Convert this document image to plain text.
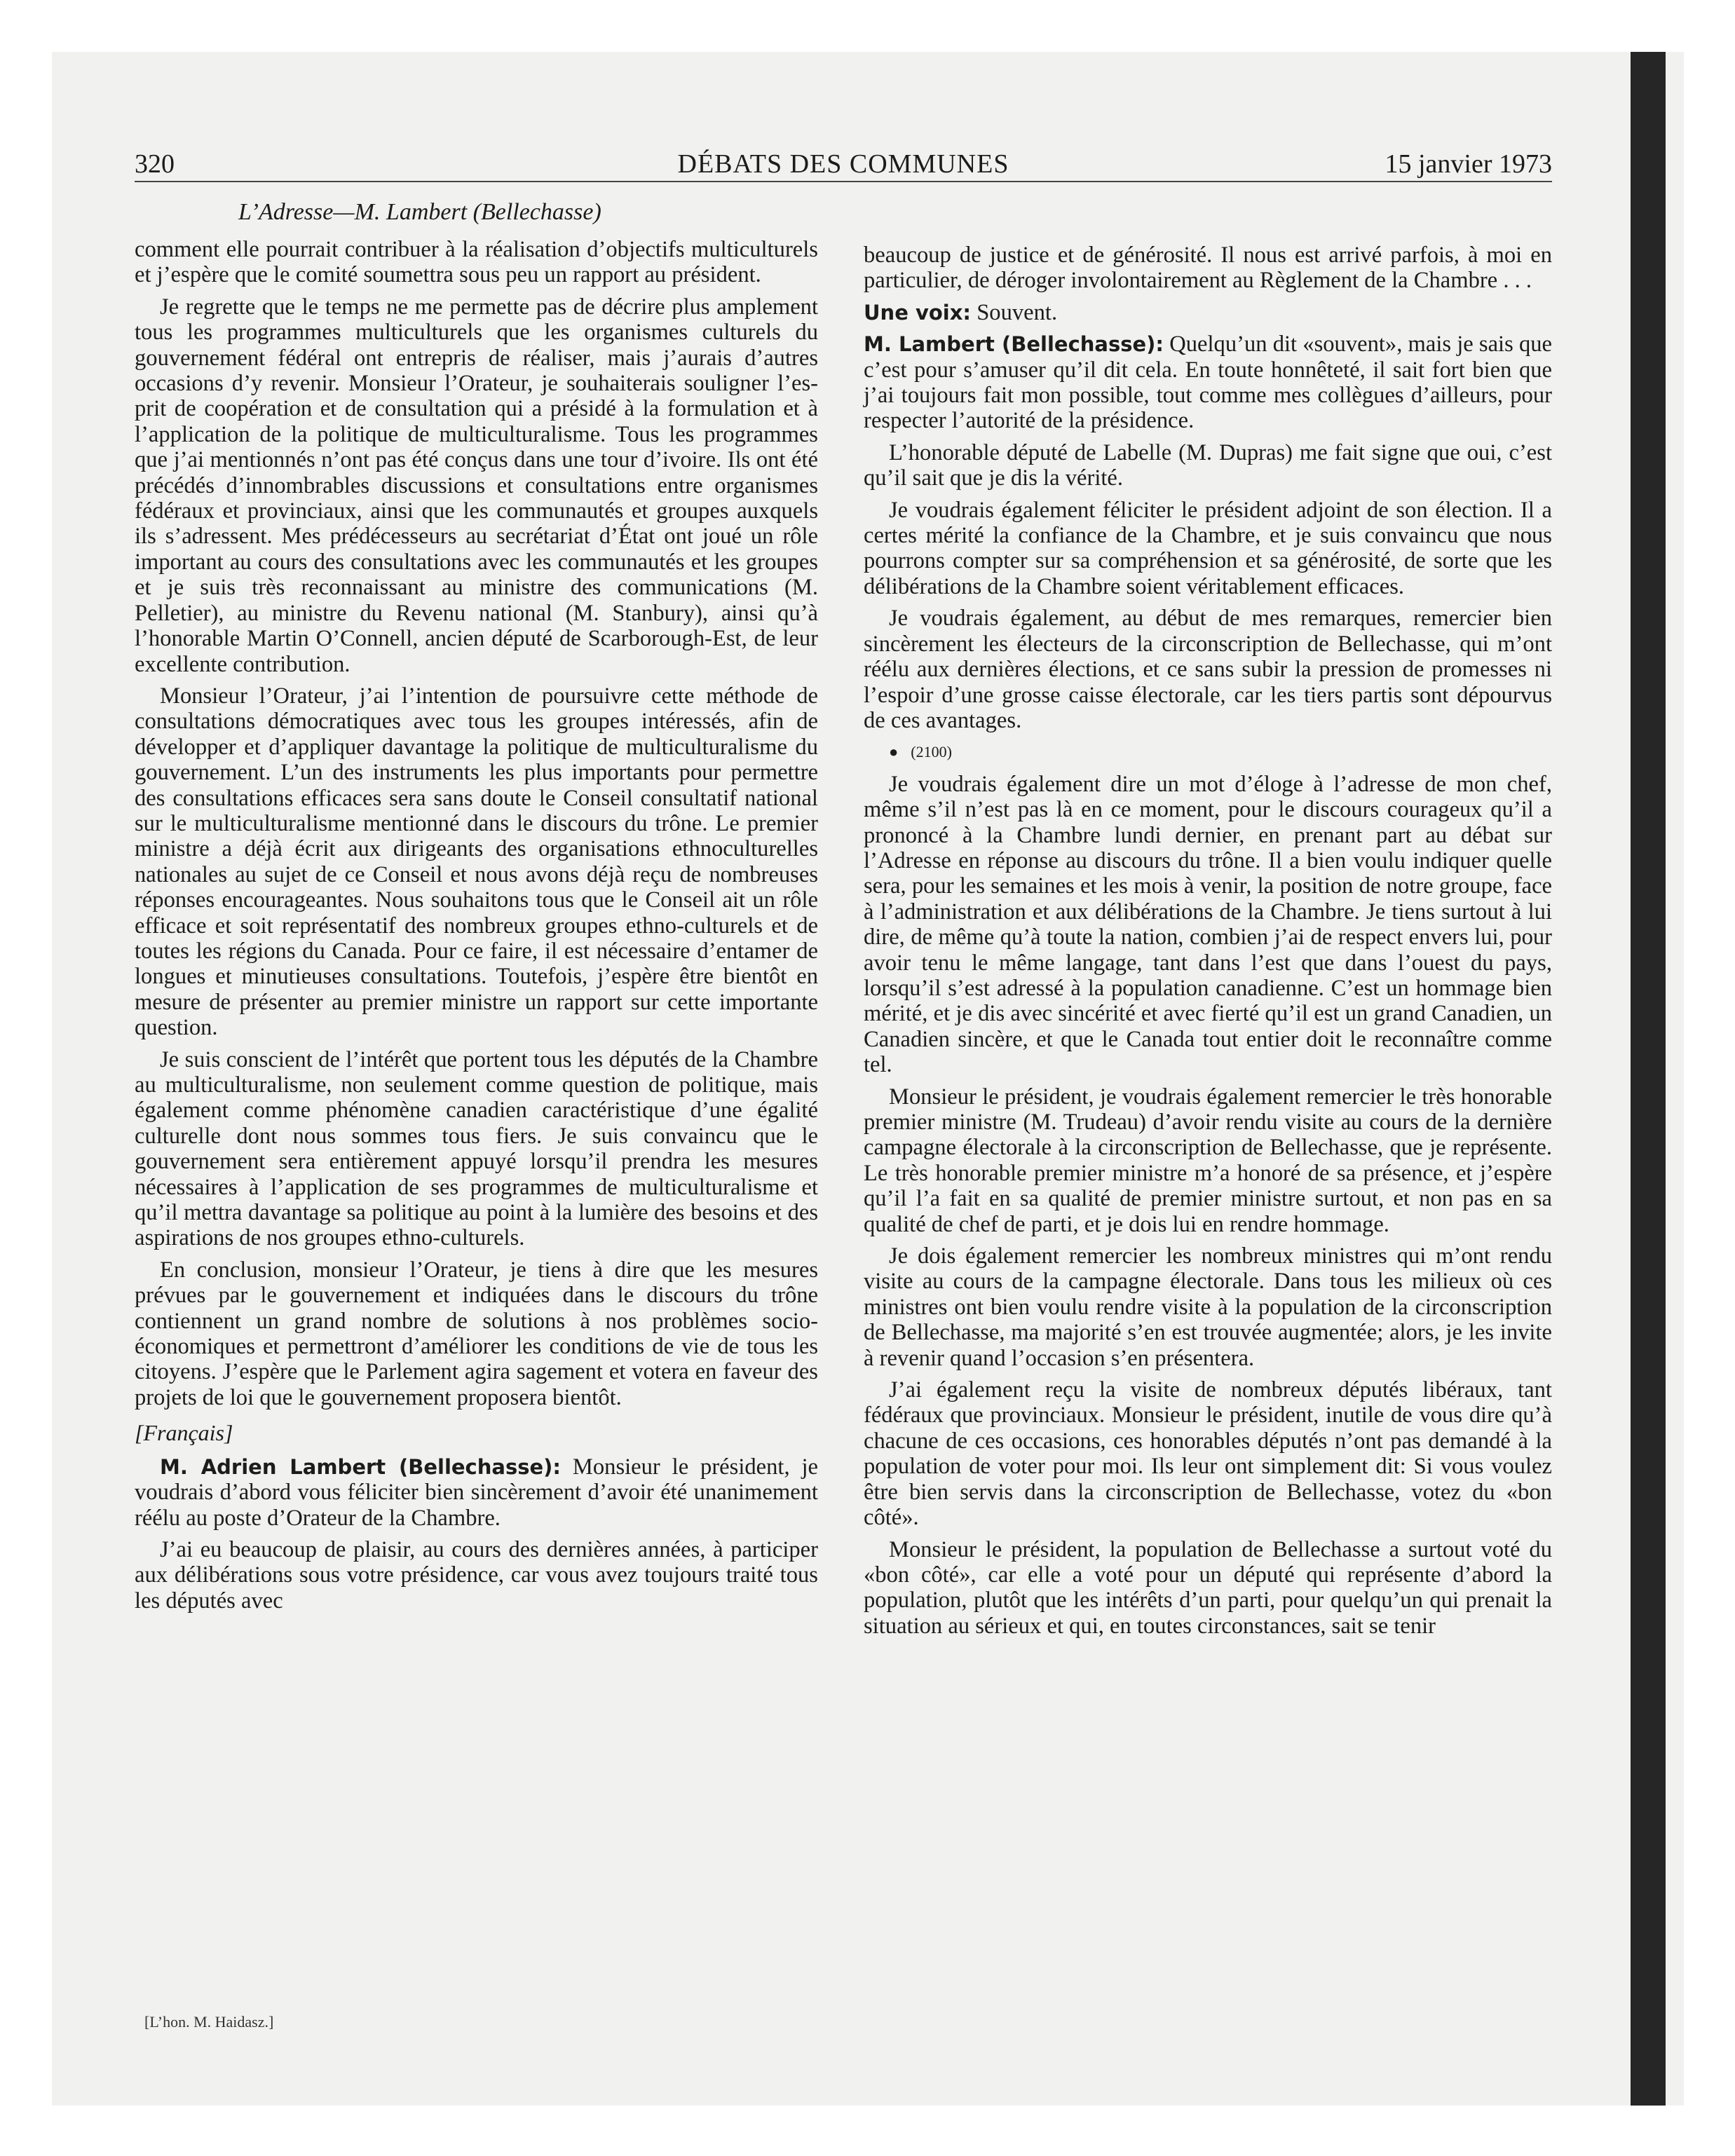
320	DÉBATS DES COMMUNES	15 janvier 1973
L’Adresse—M. Lambert (Bellechasse)

comment elle pourrait contribuer à la réalisation d’objectifs multiculturels et j’espère que le comité soumettra sous peu un rapport au président.

Je regrette que le temps ne me permette pas de décrire plus amplement tous les programmes multiculturels que les organismes culturels du gouvernement fédéral ont entrepris de réaliser, mais j’aurais d’autres occasions d’y revenir. Monsieur l’Orateur, je souhaiterais souligner l’esprit de coopération et de consultation qui a présidé à la formulation et à l’application de la politique de multiculturalisme. Tous les programmes que j’ai mentionnés n’ont pas été conçus dans une tour d’ivoire. Ils ont été précédés d’innombrables discussions et consultations entre organismes fédéraux et provinciaux, ainsi que les communautés et groupes auxquels ils s’adressent. Mes prédécesseurs au secrétariat d’État ont joué un rôle important au cours des consultations avec les communautés et les groupes et je suis très reconnaissant au ministre des communications (M. Pelletier), au ministre du Revenu national (M. Stanbury), ainsi qu’à l’honorable Martin O’Connell, ancien député de Scarborough-Est, de leur excellente contribution.

Monsieur l’Orateur, j’ai l’intention de poursuivre cette méthode de consultations démocratiques avec tous les groupes intéressés, afin de développer et d’appliquer davantage la politique de multiculturalisme du gouvernement. L’un des instruments les plus importants pour permettre des consultations efficaces sera sans doute le Conseil consultatif national sur le multiculturalisme mentionné dans le discours du trône. Le premier ministre a déjà écrit aux dirigeants des organisations ethnoculturelles nationales au sujet de ce Conseil et nous avons déjà reçu de nombreuses réponses encourageantes. Nous souhaitons tous que le Conseil ait un rôle efficace et soit représentatif des nombreux groupes ethno-culturels et de toutes les régions du Canada. Pour ce faire, il est nécessaire d’entamer de longues et minutieuses consultations. Toutefois, j’espère être bientôt en mesure de présenter au premier ministre un rapport sur cette importante question.

Je suis conscient de l’intérêt que portent tous les députés de la Chambre au multiculturalisme, non seulement comme question de politique, mais également comme phénomène canadien caractéristique d’une égalité culturelle dont nous sommes tous fiers. Je suis convaincu que le gouvernement sera entièrement appuyé lorsqu’il prendra les mesures nécessaires à l’application de ses programmes de multiculturalisme et qu’il mettra davantage sa politique au point à la lumière des besoins et des aspirations de nos groupes ethno-culturels.

En conclusion, monsieur l’Orateur, je tiens à dire que les mesures prévues par le gouvernement et indiquées dans le discours du trône contiennent un grand nombre de solutions à nos problèmes socio-économiques et permettront d’améliorer les conditions de vie de tous les citoyens. J’espère que le Parlement agira sagement et votera en faveur des projets de loi que le gouvernement proposera bientôt.

[Français]

M. Adrien Lambert (Bellechasse): Monsieur le président, je voudrais d’abord vous féliciter bien sincèrement d’avoir été unanimement réélu au poste d’Orateur de la Chambre.

J’ai eu beaucoup de plaisir, au cours des dernières années, à participer aux délibérations sous votre présidence, car vous avez toujours traité tous les députés avec

beaucoup de justice et de générosité. Il nous est arrivé parfois, à moi en particulier, de déroger involontairement au Règlement de la Chambre . . .

Une voix: Souvent.

M. Lambert (Bellechasse): Quelqu’un dit «souvent», mais je sais que c’est pour s’amuser qu’il dit cela. En toute honnêteté, il sait fort bien que j’ai toujours fait mon possible, tout comme mes collègues d’ailleurs, pour respecter l’autorité de la présidence.

L’honorable député de Labelle (M. Dupras) me fait signe que oui, c’est qu’il sait que je dis la vérité.

Je voudrais également féliciter le président adjoint de son élection. Il a certes mérité la confiance de la Chambre, et je suis convaincu que nous pourrons compter sur sa compréhension et sa générosité, de sorte que les délibérations de la Chambre soient véritablement efficaces.

Je voudrais également, au début de mes remarques, remercier bien sincèrement les électeurs de la circonscription de Bellechasse, qui m’ont réélu aux dernières élections, et ce sans subir la pression de promesses ni l’espoir d’une grosse caisse électorale, car les tiers partis sont dépourvus de ces avantages.

● (2100)

Je voudrais également dire un mot d’éloge à l’adresse de mon chef, même s’il n’est pas là en ce moment, pour le discours courageux qu’il a prononcé à la Chambre lundi dernier, en prenant part au débat sur l’Adresse en réponse au discours du trône. Il a bien voulu indiquer quelle sera, pour les semaines et les mois à venir, la position de notre groupe, face à l’administration et aux délibérations de la Chambre. Je tiens surtout à lui dire, de même qu’à toute la nation, combien j’ai de respect envers lui, pour avoir tenu le même langage, tant dans l’est que dans l’ouest du pays, lorsqu’il s’est adressé à la population canadienne. C’est un hommage bien mérité, et je dis avec sincérité et avec fierté qu’il est un grand Canadien, un Canadien sincère, et que le Canada tout entier doit le reconnaître comme tel.

Monsieur le président, je voudrais également remercier le très honorable premier ministre (M. Trudeau) d’avoir rendu visite au cours de la dernière campagne électorale à la circonscription de Bellechasse, que je représente. Le très honorable premier ministre m’a honoré de sa présence, et j’espère qu’il l’a fait en sa qualité de premier ministre surtout, et non pas en sa qualité de chef de parti, et je dois lui en rendre hommage.

Je dois également remercier les nombreux ministres qui m’ont rendu visite au cours de la campagne électorale. Dans tous les milieux où ces ministres ont bien voulu rendre visite à la population de la circonscription de Bellechasse, ma majorité s’en est trouvée augmentée; alors, je les invite à revenir quand l’occasion s’en présentera.

J’ai également reçu la visite de nombreux députés libéraux, tant fédéraux que provinciaux. Monsieur le président, inutile de vous dire qu’à chacune de ces occasions, ces honorables députés n’ont pas demandé à la population de voter pour moi. Ils leur ont simplement dit: Si vous voulez être bien servis dans la circonscription de Bellechasse, votez du «bon côté».

Monsieur le président, la population de Bellechasse a surtout voté du «bon côté», car elle a voté pour un député qui représente d’abord la population, plutôt que les intérêts d’un parti, pour quelqu’un qui prenait la situation au sérieux et qui, en toutes circonstances, sait se tenir

[L’hon. M. Haidasz.]
